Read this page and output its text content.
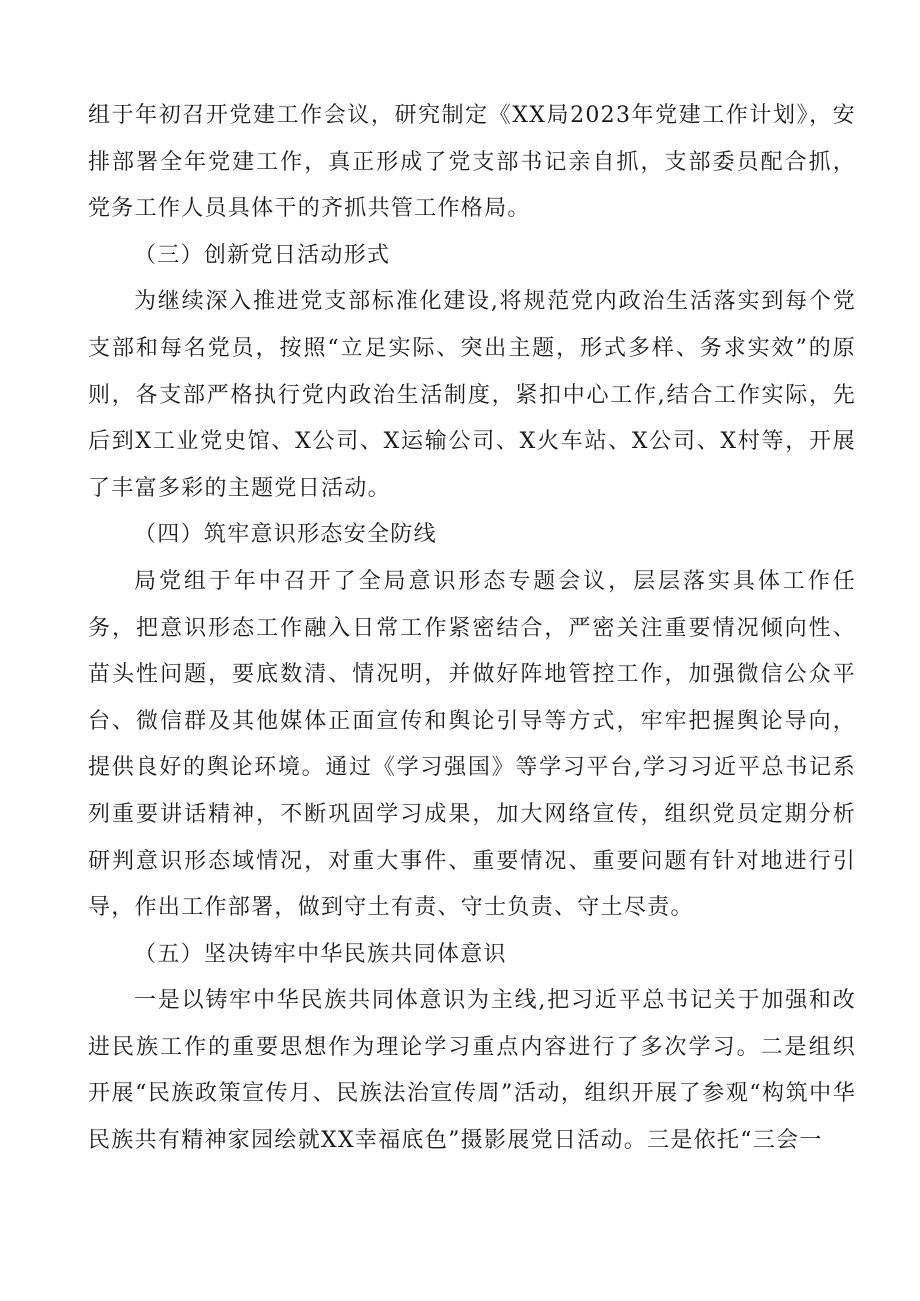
组于年初召开党建工作会议，研究制定《XX局2023年党建工作计划》，安排部署全年党建工作，真正形成了党支部书记亲自抓，支部委员配合抓，党务工作人员具体干的齐抓共管工作格局。

（三）创新党日活动形式

为继续深入推进党支部标准化建设,将规范党内政治生活落实到每个党支部和每名党员，按照“立足实际、突出主题，形式多样、务求实效”的原则，各支部严格执行党内政治生活制度，紧扣中心工作,结合工作实际，先后到X工业党史馆、X公司、X运输公司、X火车站、X公司、X村等，开展了丰富多彩的主题党日活动。

（四）筑牢意识形态安全防线

局党组于年中召开了全局意识形态专题会议，层层落实具体工作任务，把意识形态工作融入日常工作紧密结合，严密关注重要情况倾向性、苗头性问题，要底数清、情况明，并做好阵地管控工作，加强微信公众平台、微信群及其他媒体正面宣传和舆论引导等方式，牢牢把握舆论导向，提供良好的舆论环境。通过《学习强国》等学习平台,学习习近平总书记系列重要讲话精神，不断巩固学习成果，加大网络宣传，组织党员定期分析研判意识形态域情况，对重大事件、重要情况、重要问题有针对地进行引导，作出工作部署，做到守土有责、守士负责、守土尽责。

（五）坚决铸牢中华民族共同体意识

一是以铸牢中华民族共同体意识为主线,把习近平总书记关于加强和改进民族工作的重要思想作为理论学习重点内容进行了多次学习。二是组织开展“民族政策宣传月、民族法治宣传周”活动，组织开展了参观“构筑中华民族共有精神家园绘就XX幸福底色”摄影展党日活动。三是依托“三会一
